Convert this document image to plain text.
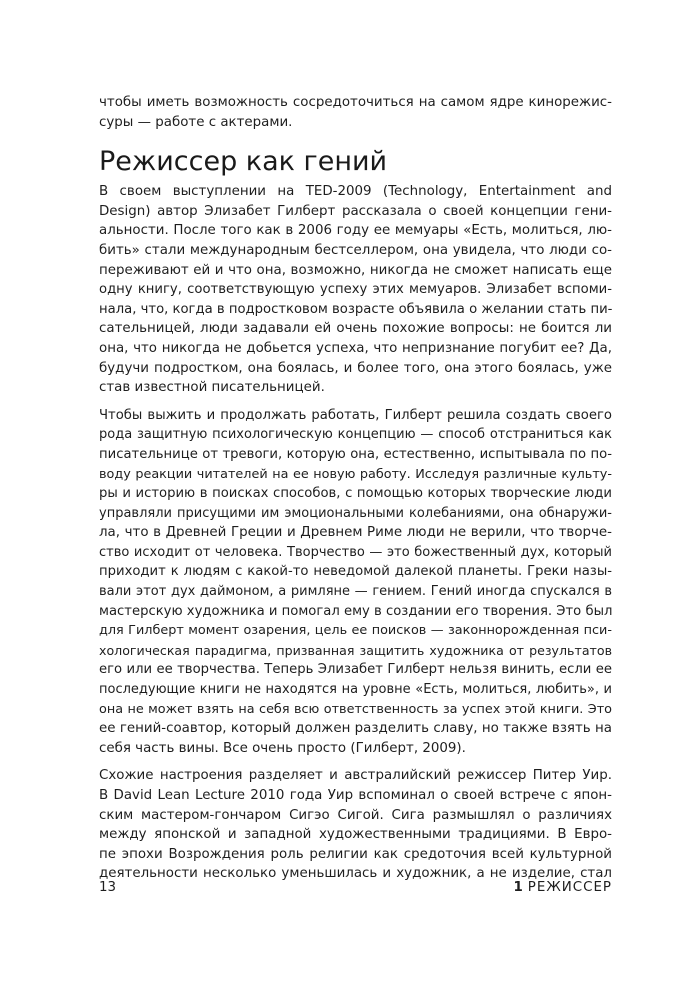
чтобы иметь возможность сосредоточиться на самом ядре кинорежис-
суры — работе с актерами.
Режиссер как гений
В своем выступлении на TED-2009 (Technology, Entertainment and
Design) автор Элизабет Гилберт рассказала о своей концепции гени-
альности. После того как в 2006 году ее мемуары «Есть, молиться, лю-
бить» стали международным бестселлером, она увидела, что люди со-
переживают ей и что она, возможно, никогда не сможет написать еще
одну книгу, соответствующую успеху этих мемуаров. Элизабет вспоми-
нала, что, когда в подростковом возрасте объявила о желании стать пи-
сательницей, люди задавали ей очень похожие вопросы: не боится ли
она, что никогда не добьется успеха, что непризнание погубит ее? Да,
будучи подростком, она боялась, и более того, она этого боялась, уже
став известной писательницей.
Чтобы выжить и продолжать работать, Гилберт решила создать своего
рода защитную психологическую концепцию — способ отстраниться как
писательнице от тревоги, которую она, естественно, испытывала по по-
воду реакции читателей на ее новую работу. Исследуя различные культу-
ры и историю в поисках способов, с помощью которых творческие люди
управляли присущими им эмоциональными колебаниями, она обнаружи-
ла, что в Древней Греции и Древнем Риме люди не верили, что творче-
ство исходит от человека. Творчество — это божественный дух, который
приходит к людям с какой-то неведомой далекой планеты. Греки назы-
вали этот дух даймоном, а римляне — гением. Гений иногда спускался в
мастерскую художника и помогал ему в создании его творения. Это был
для Гилберт момент озарения, цель ее поисков — законнорожденная пси-
хологическая парадигма, призванная защитить художника от результатов
его или ее творчества. Теперь Элизабет Гилберт нельзя винить, если ее
последующие книги не находятся на уровне «Есть, молиться, любить», и
она не может взять на себя всю ответственность за успех этой книги. Это
ее гений-соавтор, который должен разделить славу, но также взять на
себя часть вины. Все очень просто (Гилберт, 2009).
Схожие настроения разделяет и австралийский режиссер Питер Уир.
В David Lean Lecture 2010 года Уир вспоминал о своей встрече с япон-
ским мастером-гончаром Сигэо Сигой. Сига размышлял о различиях
между японской и западной художественными традициями. В Евро-
пе эпохи Возрождения роль религии как средоточия всей культурной
деятельности несколько уменьшилась и художник, а не изделие, стал
13	1 РЕЖИССЕР
